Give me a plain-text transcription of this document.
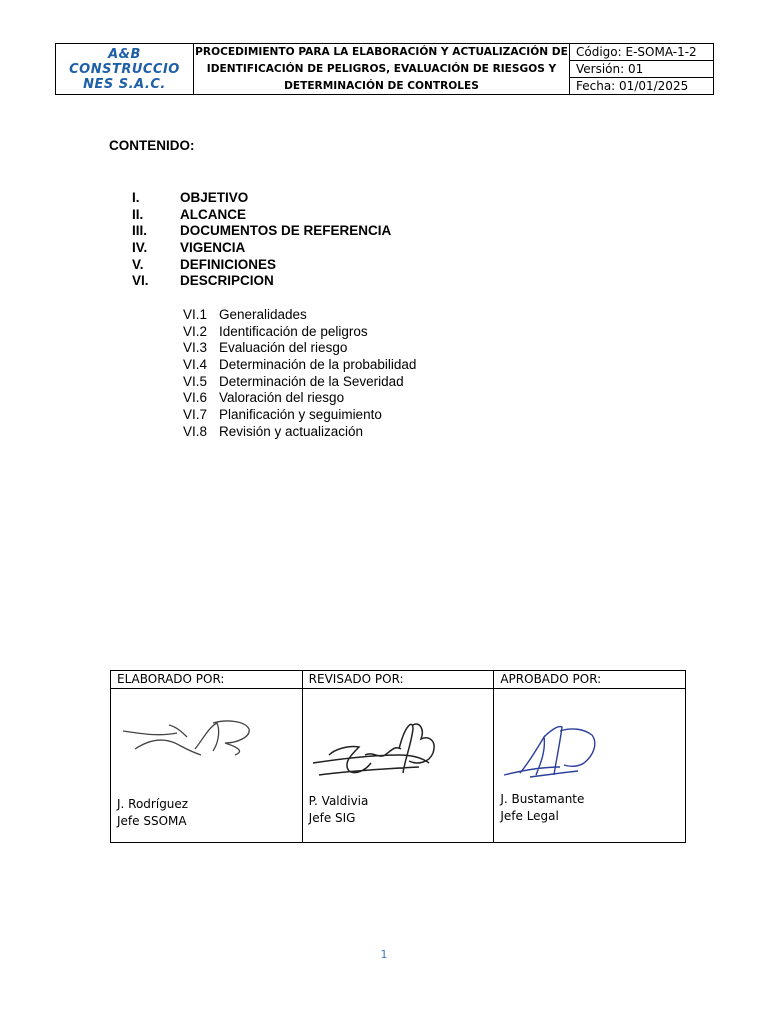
A&B
CONSTRUCCIO
NES S.A.C.
PROCEDIMIENTO PARA LA ELABORACIÓN Y ACTUALIZACIÓN DE
IDENTIFICACIÓN DE PELIGROS, EVALUACIÓN DE RIESGOS Y
DETERMINACIÓN DE CONTROLES
Código: E-SOMA-1-2
Versión: 01
Fecha: 01/01/2025
CONTENIDO:
I.	OBJETIVO
II.	ALCANCE
III.	DOCUMENTOS DE REFERENCIA
IV.	VIGENCIA
V.	DEFINICIONES
VI.	DESCRIPCION
VI.1 Generalidades
VI.2 Identificación de peligros
VI.3 Evaluación del riesgo
VI.4 Determinación de la probabilidad
VI.5 Determinación de la Severidad
VI.6 Valoración del riesgo
VI.7 Planificación y seguimiento
VI.8 Revisión y actualización
ELABORADO POR:
J. Rodríguez
Jefe SSOMA
REVISADO POR:
P. Valdivia
Jefe SIG
APROBADO POR:
J. Bustamante
Jefe Legal
1
